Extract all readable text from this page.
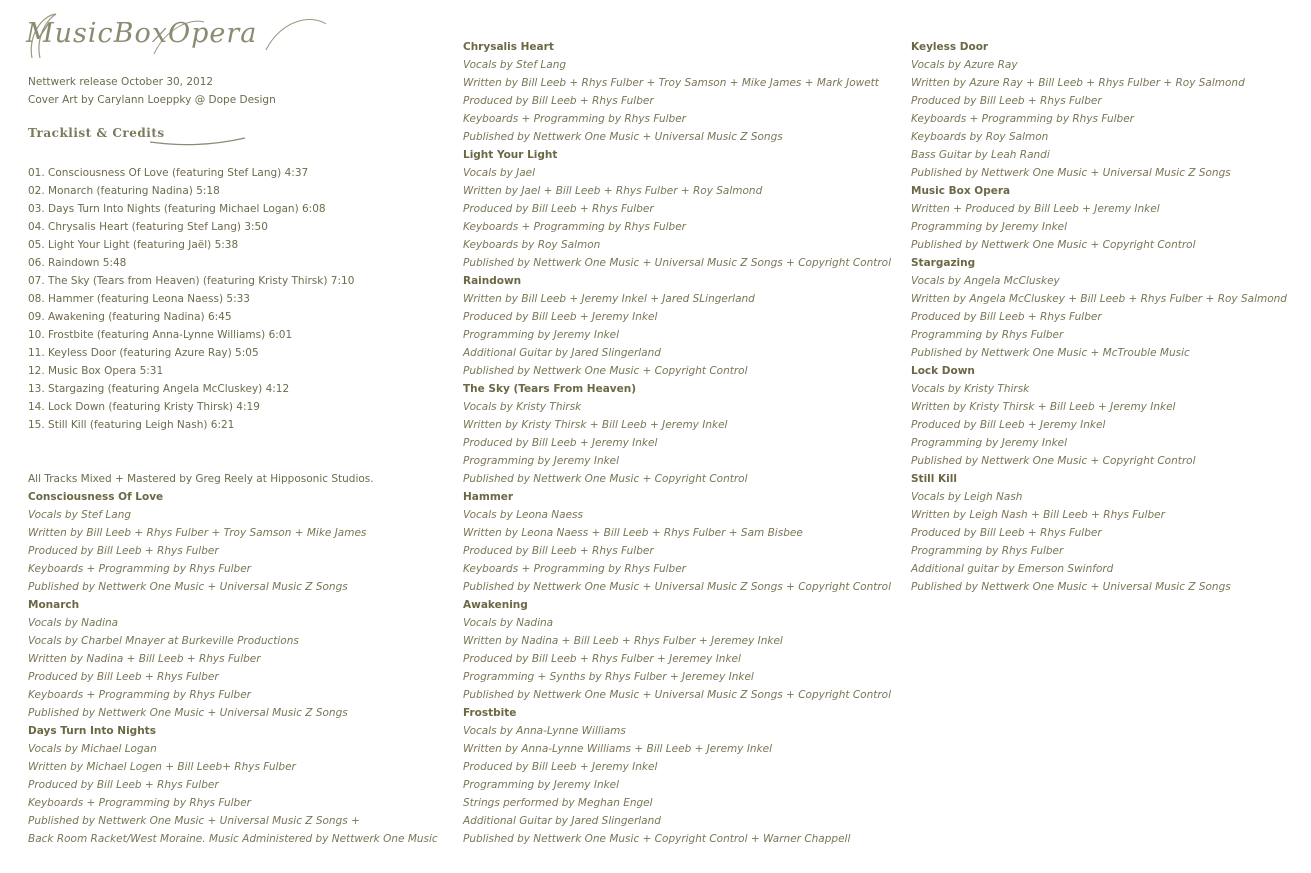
MusicBoxOpera
Nettwerk release October 30, 2012
Cover Art by Carylann Loeppky @ Dope Design
Tracklist & Credits
01. Consciousness Of Love (featuring Stef Lang) 4:37
02. Monarch (featuring Nadina) 5:18
03. Days Turn Into Nights (featuring Michael Logan) 6:08
04. Chrysalis Heart (featuring Stef Lang) 3:50
05. Light Your Light (featuring Jaël) 5:38
06. Raindown 5:48
07. The Sky (Tears from Heaven) (featuring Kristy Thirsk) 7:10
08. Hammer (featuring Leona Naess) 5:33
09. Awakening (featuring Nadina) 6:45
10. Frostbite (featuring Anna-Lynne Williams) 6:01
11. Keyless Door (featuring Azure Ray) 5:05
12. Music Box Opera 5:31
13. Stargazing (featuring Angela McCluskey) 4:12
14. Lock Down (featuring Kristy Thirsk) 4:19
15. Still Kill (featuring Leigh Nash) 6:21
All Tracks Mixed + Mastered by Greg Reely at Hipposonic Studios.
Consciousness Of Love
Vocals by Stef Lang
Written by Bill Leeb + Rhys Fulber + Troy Samson + Mike James
Produced by Bill Leeb + Rhys Fulber
Keyboards + Programming by Rhys Fulber
Published by Nettwerk One Music + Universal Music Z Songs
Monarch
Vocals by Nadina
Vocals by Charbel Mnayer at Burkeville Productions
Written by Nadina + Bill Leeb + Rhys Fulber
Produced by Bill Leeb + Rhys Fulber
Keyboards + Programming by Rhys Fulber
Published by Nettwerk One Music + Universal Music Z Songs
Days Turn Into Nights
Vocals by Michael Logan
Written by Michael Logen + Bill Leeb+ Rhys Fulber
Produced by Bill Leeb + Rhys Fulber
Keyboards + Programming by Rhys Fulber
Published by Nettwerk One Music + Universal Music Z Songs +
Back Room Racket/West Moraine. Music Administered by Nettwerk One Music
Chrysalis Heart
Vocals by Stef Lang
Written by Bill Leeb + Rhys Fulber + Troy Samson + Mike James + Mark Jowett
Produced by Bill Leeb + Rhys Fulber
Keyboards + Programming by Rhys Fulber
Published by Nettwerk One Music + Universal Music Z Songs
Light Your Light
Vocals by Jael
Written by Jael + Bill Leeb + Rhys Fulber + Roy Salmond
Produced by Bill Leeb + Rhys Fulber
Keyboards + Programming by Rhys Fulber
Keyboards by Roy Salmon
Published by Nettwerk One Music + Universal Music Z Songs + Copyright Control
Raindown
Written by Bill Leeb + Jeremy Inkel + Jared SLingerland
Produced by Bill Leeb + Jeremy Inkel
Programming by Jeremy Inkel
Additional Guitar by Jared Slingerland
Published by Nettwerk One Music + Copyright Control
The Sky (Tears From Heaven)
Vocals by Kristy Thirsk
Written by Kristy Thirsk + Bill Leeb + Jeremy Inkel
Produced by Bill Leeb + Jeremy Inkel
Programming by Jeremy Inkel
Published by Nettwerk One Music + Copyright Control
Hammer
Vocals by Leona Naess
Written by Leona Naess + Bill Leeb + Rhys Fulber + Sam Bisbee
Produced by Bill Leeb + Rhys Fulber
Keyboards + Programming by Rhys Fulber
Published by Nettwerk One Music + Universal Music Z Songs + Copyright Control
Awakening
Vocals by Nadina
Written by Nadina + Bill Leeb + Rhys Fulber + Jeremey Inkel
Produced by Bill Leeb + Rhys Fulber + Jeremey Inkel
Programming + Synths by Rhys Fulber + Jeremey Inkel
Published by Nettwerk One Music + Universal Music Z Songs + Copyright Control
Frostbite
Vocals by Anna-Lynne Williams
Written by Anna-Lynne Williams + Bill Leeb + Jeremy Inkel
Produced by Bill Leeb + Jeremy Inkel
Programming by Jeremy Inkel
Strings performed by Meghan Engel
Additional Guitar by Jared Slingerland
Published by Nettwerk One Music + Copyright Control + Warner Chappell
Keyless Door
Vocals by Azure Ray
Written by Azure Ray + Bill Leeb + Rhys Fulber + Roy Salmond
Produced by Bill Leeb + Rhys Fulber
Keyboards + Programming by Rhys Fulber
Keyboards by Roy Salmon
Bass Guitar by Leah Randi
Published by Nettwerk One Music + Universal Music Z Songs
Music Box Opera
Written + Produced by Bill Leeb + Jeremy Inkel
Programming by Jeremy Inkel
Published by Nettwerk One Music + Copyright Control
Stargazing
Vocals by Angela McCluskey
Written by Angela McCluskey + Bill Leeb + Rhys Fulber + Roy Salmond
Produced by Bill Leeb + Rhys Fulber
Programming by Rhys Fulber
Published by Nettwerk One Music + McTrouble Music
Lock Down
Vocals by Kristy Thirsk
Written by Kristy Thirsk + Bill Leeb + Jeremy Inkel
Produced by Bill Leeb + Jeremy Inkel
Programming by Jeremy Inkel
Published by Nettwerk One Music + Copyright Control
Still Kill
Vocals by Leigh Nash
Written by Leigh Nash + Bill Leeb + Rhys Fulber
Produced by Bill Leeb + Rhys Fulber
Programming by Rhys Fulber
Additional guitar by Emerson Swinford
Published by Nettwerk One Music + Universal Music Z Songs
